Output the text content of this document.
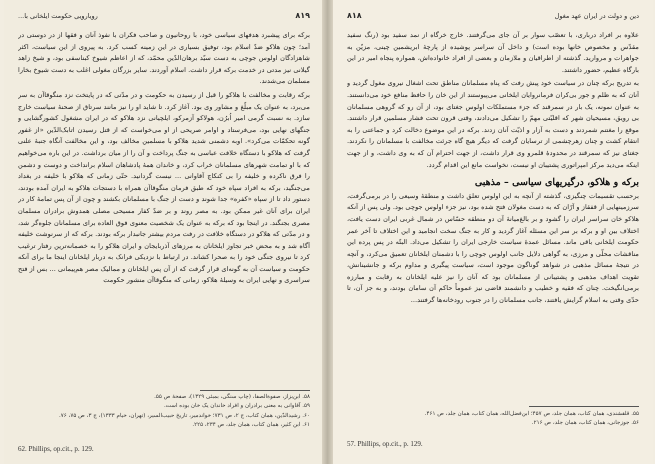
۸۱۹
رویارویی حکومت ایلخانی با...

برکه برای پیشبرد هدفهای سیاسی خود، با روحانیون و صاحب فکران با نفوذ آنان و فقها از در دوستی در آمد؛ چون هلاکو ضدّ اسلام بود، توفیق بسیاری در این زمینه کسب کرد. به پیروی از این سیاست، اکثر شاهزادگان اولوس جوچی به دست سیّد برهان‌الدّین محمّد، که از اعاظم شیوخ کبناسفی بود، و شیخ زاهد گیلانی نیز مدتی در خدمت برکه قرار داشت. اسلام آوردند. سایر بزرگان مغولی اغلب به دست شیوخ بخارا مسلمان می‌شدند.

برکه رقابت و مخالفت با هلاکو را قبل از رسیدن به حکومت و در مدّتی که در پایتخت نزد منگوقاآن به سر می‌برد، به عنوان یک مبلّغ و مشاور وی بود. آغاز کرد. تا شاید او را نیز مانند سرتاق از صحنهٔ سیاست خارج سازد. به نسبت گرمی امیر اُبرُن، هولاکو آزمرکو، ایلچیانی نزد هلاکو که در ایران مشغول کشورگشایی و جنگهای نهایی بود، می‌فرستاد و اوامر صریحی از او می‌خواست که از قتل رسیدن اتابک‌الدّین «از غفور گونه تحکمّات می‌کرد». اوبه دشمنی شدید هلاکو با مسلمین مخالف بود، و این مخالفت آنگاه جنبهٔ علنی گرفت که هلاکو با دستگاه خلافت عباسی به جنگ پرداخت و آن را از میان برداشت. در این باره می‌خواهیم که با او تمامت شهرهای مسلمانان خراب کرد، و خاندان همهٔ پادشاهان اسلام برانداخت و دوست و دشمن را فرق ناکرده و خلیفه را بی کنکاچ آقاوانی ... نیست گردانید. حتّی زمانی که هلاکو با خلیفه در بغداد می‌جنگید، برکه به افراد سپاه خود که طبق فرمان منگوقاآن همراه با دستجات هلاکو به ایران آمده بودند، دستور داد تا از سپاه «کفره» جدا شوند و دست از جنگ با مسلمانان بکشند و چون از آن پس تمامهٔ کار در ایران برای آنان غیر ممکن بود. به مصر روند و بر ضدّ کفار مسیحی مصلی همدوش برادران مسلمان مصری بجنگند. در اینجا بود که برکه به عنوان یک شخصیت معنوی فوق العاده برای مسلمانان جلوه‌گر شد، و در مدّتی که هلاکو در دستگاه خلافت در رفت مردم بیشتر جانبدار برکه بودند. برکه که از سرنوشت خلیفه آگاه شد و به محض خبر تجاوز ایلخانان به مرزهای آذربایجان و ایران هلاکو را به خصمانه‌ترین رفتار ترغیب کرد تا نیروی جنگی خود را به صحرا کشاند. در ارتباط با نزدیکی فرانک به دربار ایلخانان اینجا ما برای آنکه حکومت و سیاست آن به گونه‌ای قرار گرفت که از آن پس ایلخانان و ممالیک مصر هم‌پیمانی ... بس از فتح سراسری و نهایی ایران به وسیلهٔ هلاکو، زمانی که منگوقاآن منشور حکومت

۵۸. ابن‌بزاز، صفوة‌الصفا، (چاپ سنگی، بمبئی ۱۳۲۹)، صفحهٔ ص ۵۵.
۵۹. آقاوانی به معنی برادران و افراد خاندان یک خان بوده است.
۶۰. رشیدالدّین، همان کتاب، ج ۲، ص ۷۳۱؛ خواندمیر، تاریخ حبیب‌السیر، (تهران، خیام ۱۳۳۳)، ج ۳، ص ۷۵، ۷۶.
۶۱. ابن کثیر، همان کتاب، همان جلد، ص ۲۳۴، ۲۲۵.
62. Phillips, op.cit., p. 129.
۸۱۸	دین و دولت در ایران عهد مغول

علاوه بر افراد درباری، با تعصّب سوار بر آن جای می‌گرفتند. خارج خرگاه از نمد سفید بود (رنگ سفید مقدّس و مخصوص خانها بوده است) و داخل آن سراسر پوشیده از پارچهٔ ابریشمین چینی، مزیّن به جواهرات و مروارید. گذشته از اطراقیان و ملازمان و بعضی از افراد خانواده‌اش، همواره پنجاه امیر در این بارگاه عظیم، حضور داشتند.

به تدریج برکه چنان در سیاست خود پیش رفت که پناه مسلمانان مناطق تحت اشغال نیروی مغول گردید و آنان که به ظلم و جور بی‌کران فرمانروایان ایلخانی می‌پیوستند از این خان را حافظ منافع خود می‌دانستند. به عنوان نمونه، یک بار در سمرقند که جزء مستملکات اولوس جغتای بود، از آن رو که گروهی مسلمانان بی رویق، مسیحیان شهر که اقلیّتی مهمّ را تشکیل می‌دادند، وقتی قرون تحت فشار مسلمین قرار داشتند. موقع را مغتنم شمردند و دست به آزار و اذیّت آنان زدند. برکه در این موضوع دخالت کرد و جماعتی را به انتقام کشت و چنان زهرچشمی از ترسایان گرفت که دیگر هیچ گاه جرئت مخالفت با مسلمانان را نکردند. جغتای نیز که سمرقند در محدودهٔ قلمرو وی قرار داشت، از جهت احترام آن که به وی داشت، و از جهت اینکه می‌دید مرکز امپراتوری پشتیبان او نیست، نخواست مانع این اقدام گردد.

برکه و هلاکو، درگیریهای سیاسی – مذهبی

برحسب تقسیمات چنگیزی، گذشته از آنچه به این اولوس تعلق داشت و منطقهٔ وسیعی را در برمی‌گرفت، سرزمینهایی از قفقاز و آرّان که به دست مغولان فتح شده بود، نیز جزء اولوس جوچی بود. ولی پس از آنکه هلاکو خان سراسر ایران را گشود و بر بالغ‌میانهٔ آن دو منطقه حسّاس در شمال غربی ایران دست یافت، اختلاف بین او و برکه بر سر این مسئله آغاز گردید و کار به جنگ سخت انجامید و این اختلاف تا آخر عمر حکومت ایلخانی باقی ماند. مسائل عمدهٔ سیاست خارجی ایران را تشکیل می‌داد. البتّه در پس پرده این مناقشات محلّی و مرزی، به گواهی دلایل جانب اولوس جوچی را با دشمنان ایلخانان تعمیق می‌کرد، و آنچه در نتیجهٔ مسائل مذهبی در شواهد گوناگون موجود است، سیاست پیگیری و مداوم برکه و جانشینانش، تقویت اهداف مذهبی و پشتیبانی از مسلمانان بود که آنان را نیز علیه ایلخانان به رقابت و مبارزه برمی‌انگیخت. چنان که فقیه و خطیب و دانشمند قاضی نیز عموماً حاکم آن سامان بودند، و به جز آن، تا حدّی وقتی به اسلام گرایش یافتند، جانب مسلمانان را در جنوب رودخانه‌ها گرفتند...

۵۵. قلقشندی، همان کتاب، همان جلد، ص ۴۵۷؛ ابن‌فضل‌الله، همان کتاب، همان جلد، ص ۴۶۱.
۵۶. جوزجانی، همان کتاب، همان جلد، ص ۲۱۶.
57. Phillips, op.cit., p. 129.
